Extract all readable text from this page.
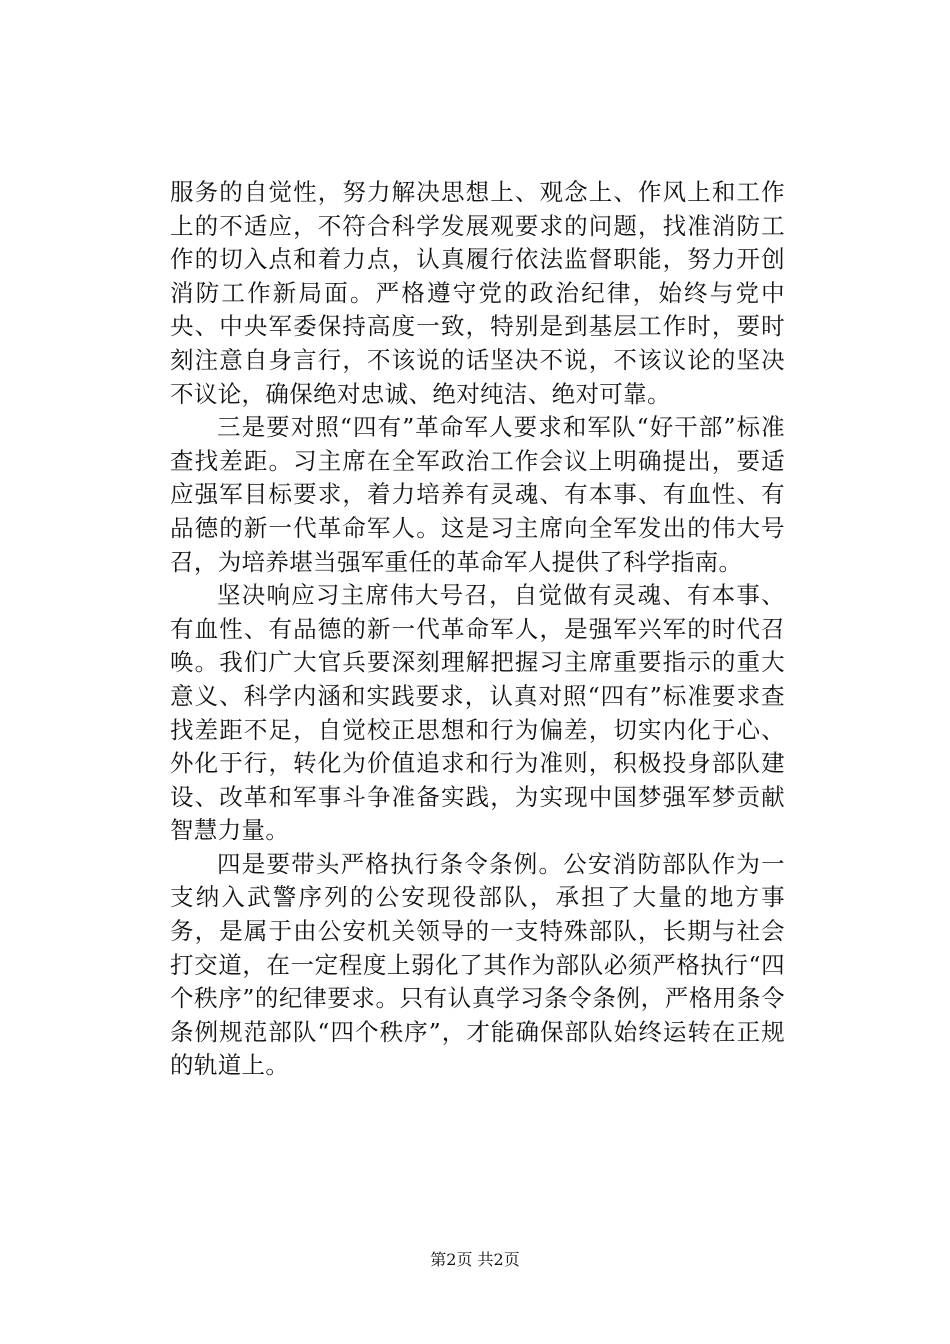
服务的自觉性，努力解决思想上、观念上、作风上和工作上的不适应，不符合科学发展观要求的问题，找准消防工作的切入点和着力点，认真履行依法监督职能，努力开创消防工作新局面。严格遵守党的政治纪律，始终与党中央、中央军委保持高度一致，特别是到基层工作时，要时刻注意自身言行，不该说的话坚决不说，不该议论的坚决不议论，确保绝对忠诚、绝对纯洁、绝对可靠。

三是要对照“四有”革命军人要求和军队“好干部”标准查找差距。习主席在全军政治工作会议上明确提出，要适应强军目标要求，着力培养有灵魂、有本事、有血性、有品德的新一代革命军人。这是习主席向全军发出的伟大号召，为培养堪当强军重任的革命军人提供了科学指南。

坚决响应习主席伟大号召，自觉做有灵魂、有本事、有血性、有品德的新一代革命军人，是强军兴军的时代召唤。我们广大官兵要深刻理解把握习主席重要指示的重大意义、科学内涵和实践要求，认真对照“四有”标准要求查找差距不足，自觉校正思想和行为偏差，切实内化于心、外化于行，转化为价值追求和行为准则，积极投身部队建设、改革和军事斗争准备实践，为实现中国梦强军梦贡献智慧力量。

四是要带头严格执行条令条例。公安消防部队作为一支纳入武警序列的公安现役部队，承担了大量的地方事务，是属于由公安机关领导的一支特殊部队，长期与社会打交道，在一定程度上弱化了其作为部队必须严格执行“四个秩序”的纪律要求。只有认真学习条令条例，严格用条令条例规范部队“四个秩序”，才能确保部队始终运转在正规的轨道上。

第2页 共2页
